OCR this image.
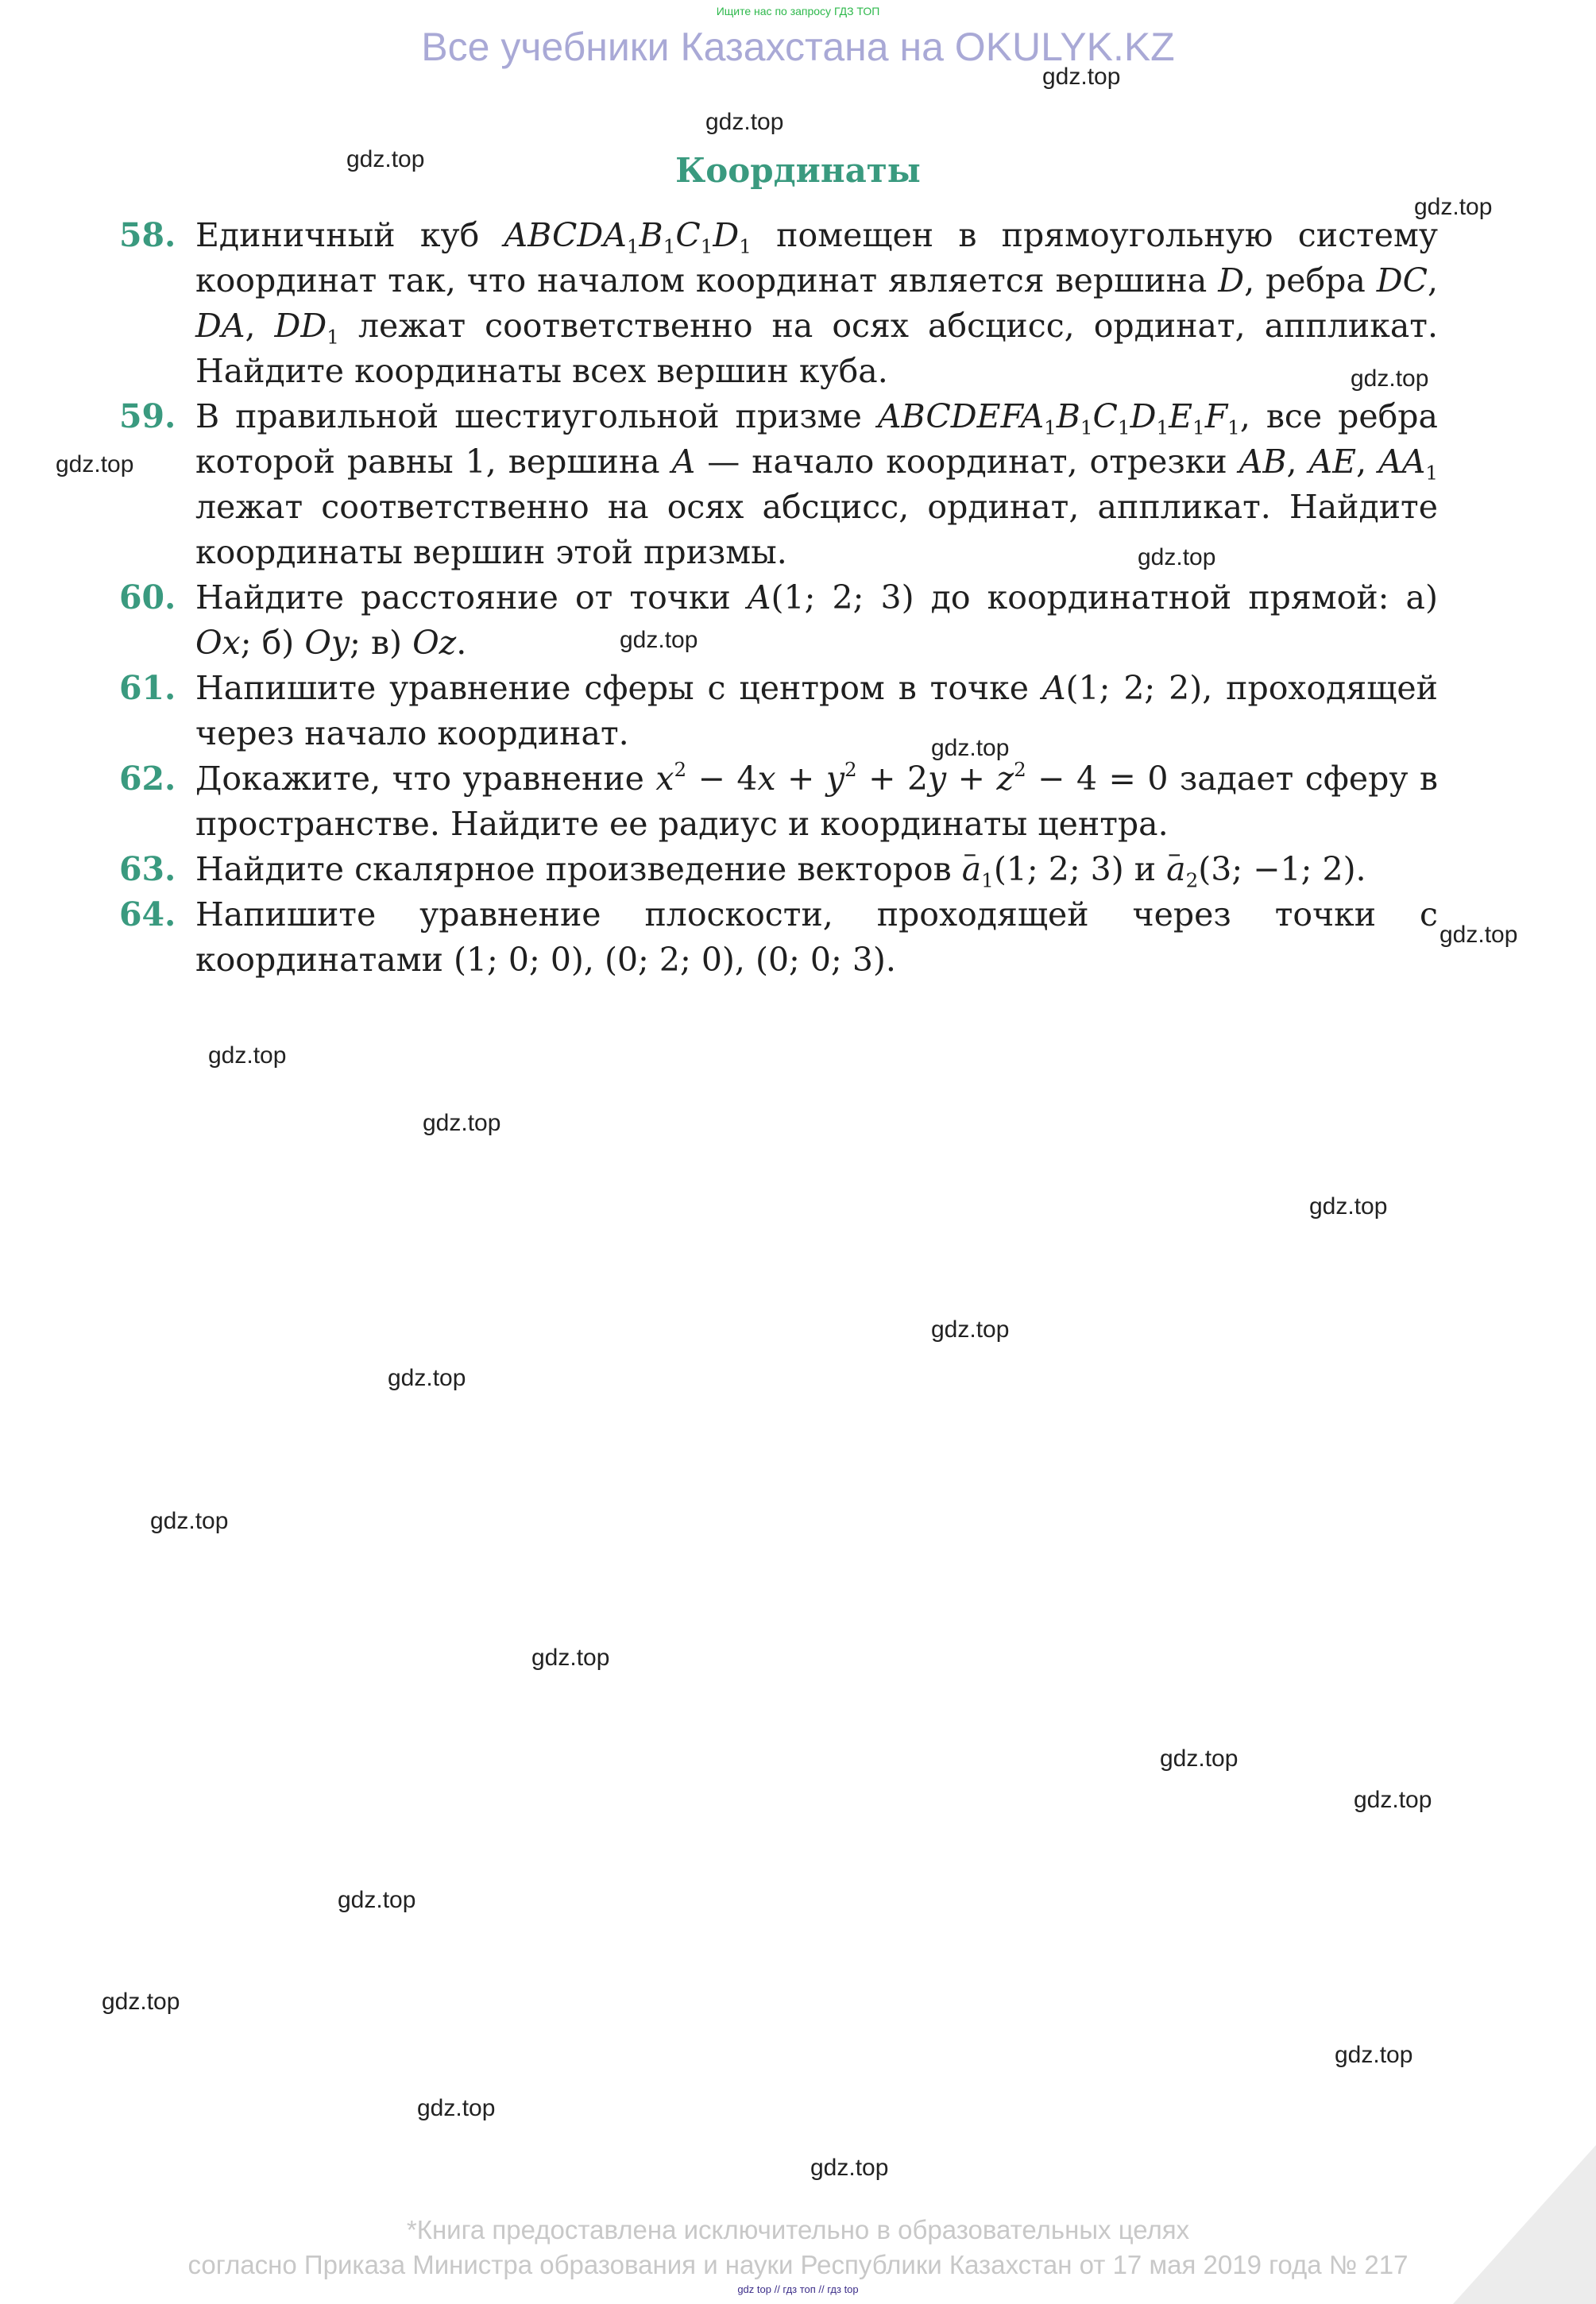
Ищите нас по запросу ГДЗ ТОП
Все учебники Казахстана на OKULYK.KZ
Координаты
58. Единичный куб $ABCDA_1B_1C_1D_1$ помещен в прямоугольную систему координат так, что началом координат является вершина D, ребра DC, DA, $DD_1$ лежат соответственно на осях абсцисс, ординат, аппликат. Найдите координаты всех вершин куба.
59. В правильной шестиугольной призме $ABCDEFA_1B_1C_1D_1E_1F_1$, все ребра которой равны 1, вершина A — начало координат, отрезки AB, AE, $AA_1$ лежат соответственно на осях абсцисс, ординат, аппликат. Найдите координаты вершин этой призмы.
60. Найдите расстояние от точки A(1; 2; 3) до координатной прямой: а) Ox; б) Oy; в) Oz.
61. Напишите уравнение сферы с центром в точке A(1; 2; 2), проходящей через начало координат.
62. Докажите, что уравнение $x^2 - 4x + y^2 + 2y + z^2 - 4 = 0$ задает сферу в пространстве. Найдите ее радиус и координаты центра.
63. Найдите скалярное произведение векторов – $a_1(1$; 2; 3) и – $a_2(3$; −1; 2).
64. Напишите уравнение плоскости, проходящей через точки с координатами (1; 0; 0), (0; 2; 0), (0; 0; 3).
gdz.top
gdz.top
gdz.top
gdz.top
gdz.top
gdz.top
gdz.top
gdz.top
gdz.top
gdz.top
gdz.top
gdz.top
gdz.top
gdz.top
gdz.top
gdz.top
gdz.top
gdz.top
gdz.top
gdz.top
gdz.top
gdz.top
gdz.top
gdz.top
*Книга предоставлена исключительно в образовательных целях
согласно Приказа Министра образования и науки Республики Казахстан от 17 мая 2019 года № 217
gdz top // гдз топ // гдз top
